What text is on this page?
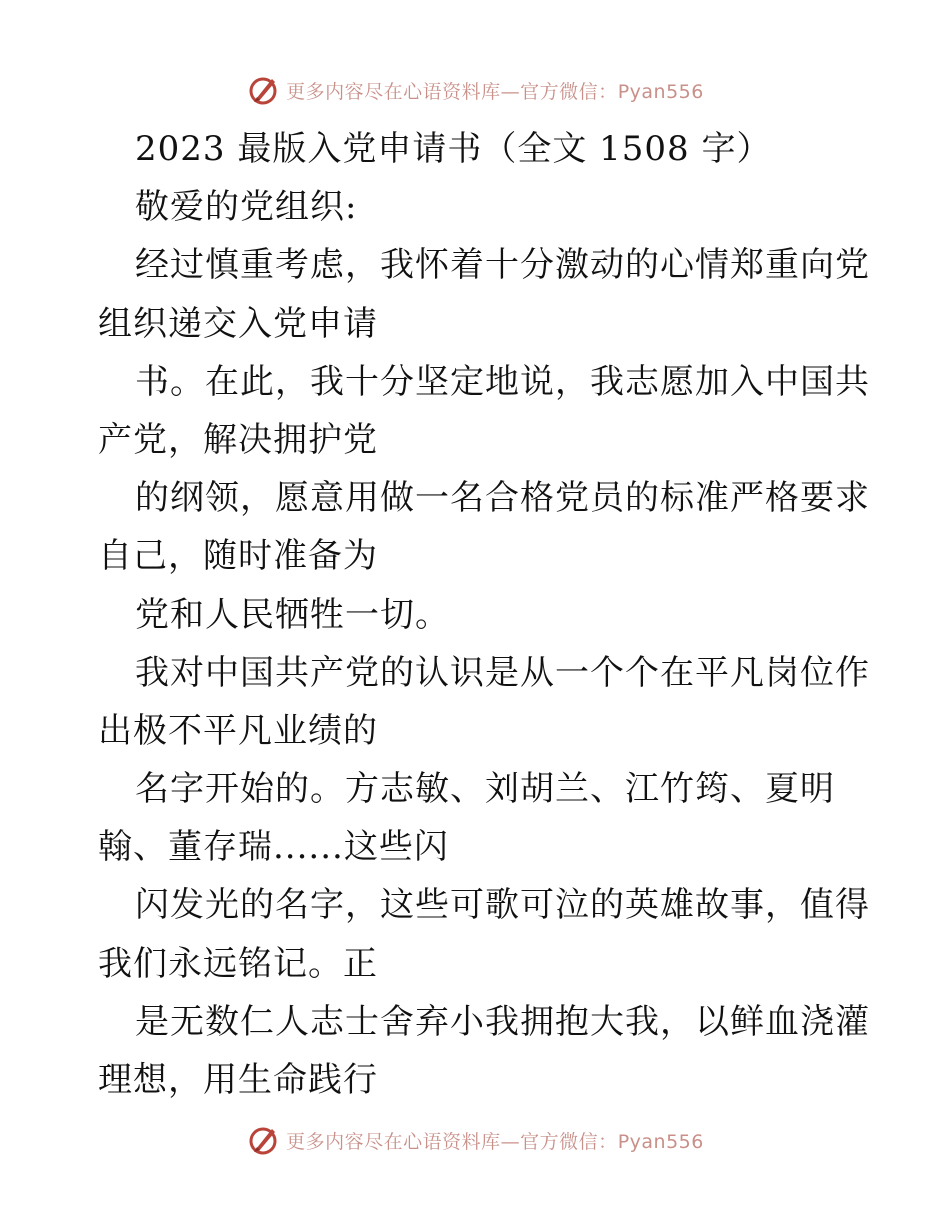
更多内容尽在心语资料库—官方微信：Pyan556
2023 最版入党申请书（全文 1508 字）
敬爱的党组织:
经过慎重考虑，我怀着十分激动的心情郑重向党
组织递交入党申请
书。在此，我十分坚定地说，我志愿加入中国共
产党，解决拥护党
的纲领，愿意用做一名合格党员的标准严格要求
自己，随时准备为
党和人民牺牲一切。
我对中国共产党的认识是从一个个在平凡岗位作
出极不平凡业绩的
名字开始的。方志敏、刘胡兰、江竹筠、夏明
翰、董存瑞......这些闪
闪发光的名字，这些可歌可泣的英雄故事，值得
我们永远铭记。正
是无数仁人志士舍弃小我拥抱大我，以鲜血浇灌
理想，用生命践行
更多内容尽在心语资料库—官方微信：Pyan556
